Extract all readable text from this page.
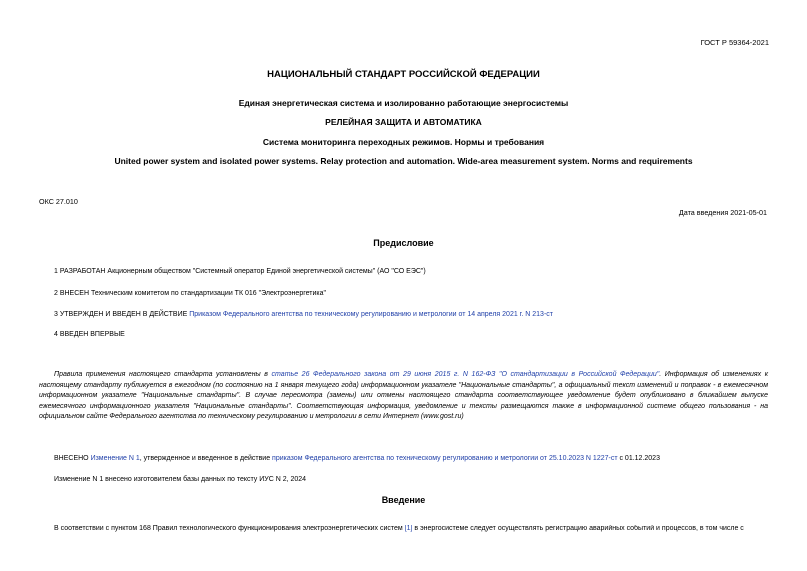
ГОСТ Р 59364-2021
НАЦИОНАЛЬНЫЙ СТАНДАРТ РОССИЙСКОЙ ФЕДЕРАЦИИ
Единая энергетическая система и изолированно работающие энергосистемы
РЕЛЕЙНАЯ ЗАЩИТА И АВТОМАТИКА
Система мониторинга переходных режимов. Нормы и требования
United power system and isolated power systems. Relay protection and automation. Wide-area measurement system. Norms and requirements
ОКС 27.010
Дата введения 2021-05-01
Предисловие
1 РАЗРАБОТАН Акционерным обществом "Системный оператор Единой энергетической системы" (АО "СО ЕЭС")
2 ВНЕСЕН Техническим комитетом по стандартизации ТК 016 "Электроэнергетика"
3 УТВЕРЖДЕН И ВВЕДЕН В ДЕЙСТВИЕ Приказом Федерального агентства по техническому регулированию и метрологии от 14 апреля 2021 г. N 213-ст
4 ВВЕДЕН ВПЕРВЫЕ
Правила применения настоящего стандарта установлены в статье 26 Федерального закона от 29 июня 2015 г. N 162-ФЗ "О стандартизации в Российской Федерации". Информация об изменениях к настоящему стандарту публикуется в ежегодном (по состоянию на 1 января текущего года) информационном указателе "Национальные стандарты", а официальный текст изменений и поправок - в ежемесячном информационном указателе "Национальные стандарты". В случае пересмотра (замены) или отмены настоящего стандарта соответствующее уведомление будет опубликовано в ближайшем выпуске ежемесячного информационного указателя "Национальные стандарты". Соответствующая информация, уведомление и тексты размещаются также в информационной системе общего пользования - на официальном сайте Федерального агентства по техническому регулированию и метрологии в сети Интернет (www.gost.ru)
ВНЕСЕНО Изменение N 1, утвержденное и введенное в действие приказом Федерального агентства по техническому регулированию и метрологии от 25.10.2023 N 1227-ст с 01.12.2023
Изменение N 1 внесено изготовителем базы данных по тексту ИУС N 2, 2024
Введение
В соответствии с пунктом 168 Правил технологического функционирования электроэнергетических систем [1] в энергосистеме следует осуществлять регистрацию аварийных событий и процессов, в том числе с
